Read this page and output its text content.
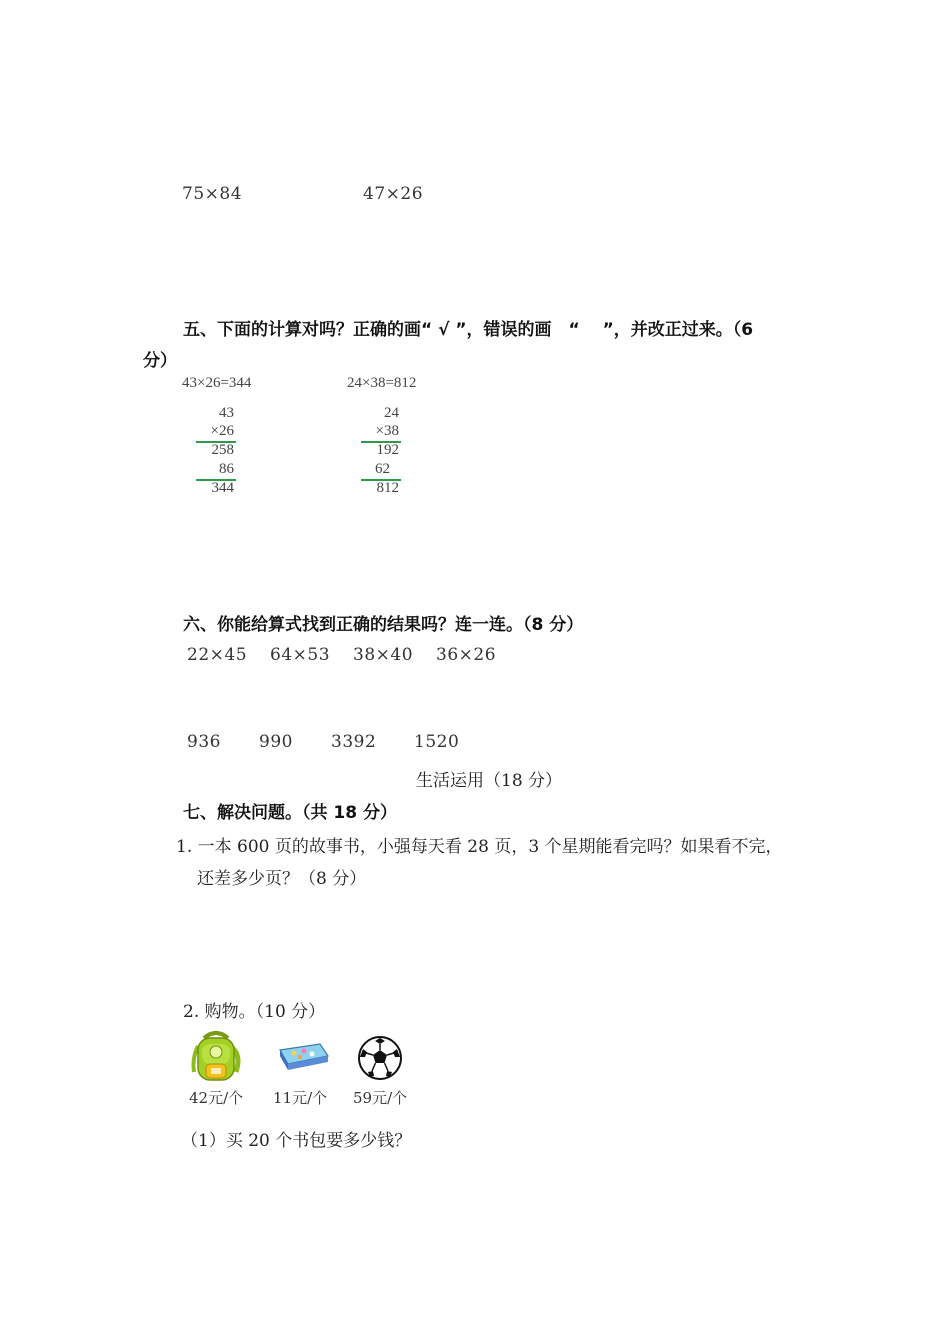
75×84	47×26
五、下面的计算对吗？正确的画“ √ ”，错误的画　“　 ”，并改正过来。（6
分）
43×26=344	24×38=812
43
×26
258
86
344
24
×38
192
62
812
六、你能给算式找到正确的结果吗？连一连。（8 分）
22×45 64×53 38×40 36×26
936 990 3392 1520
生活运用（18 分）
七、解决问题。（共 18 分）
1. 一本 600 页的故事书，小强每天看 28 页，3 个星期能看完吗？如果看不完，
还差多少页？（8 分）
2. 购物。（10 分）
42元/个 11元/个 59元/个
（1）买 20 个书包要多少钱？
